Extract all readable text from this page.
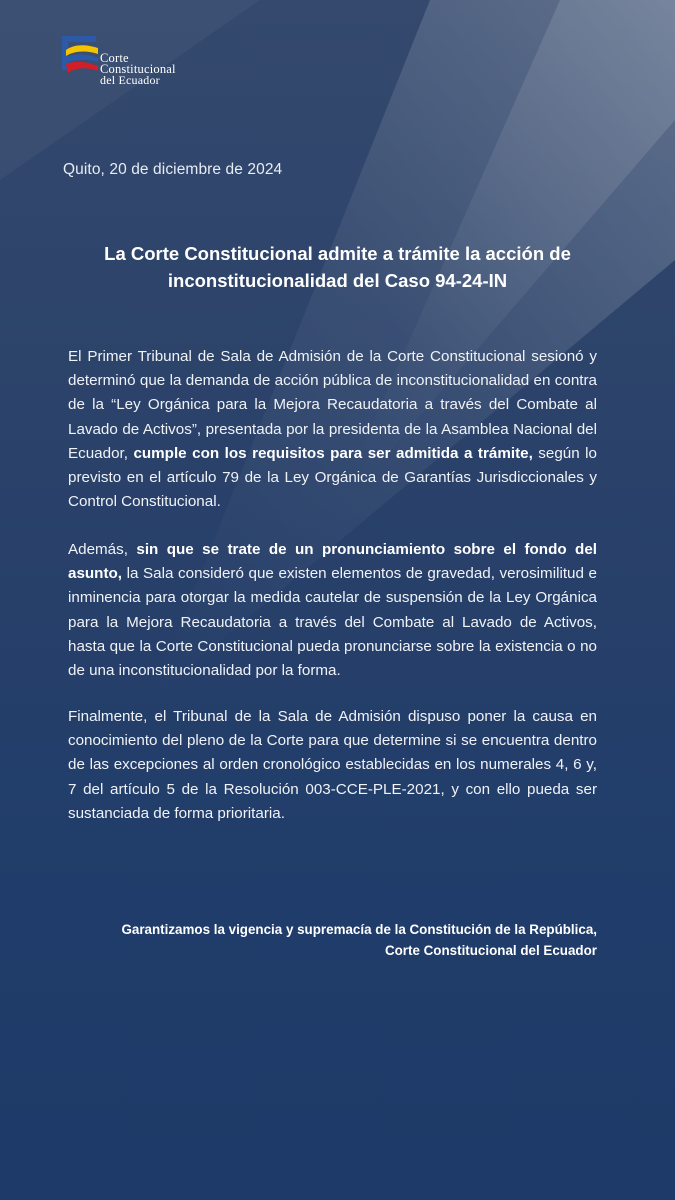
Corte
Constitucional
del Ecuador
Quito, 20 de diciembre de 2024
La Corte Constitucional admite a trámite la acción de inconstitucionalidad del Caso 94-24-IN
El Primer Tribunal de Sala de Admisión de la Corte Constitucional sesionó y determinó que la demanda de acción pública de inconstitucionalidad en contra de la “Ley Orgánica para la Mejora Recaudatoria a través del Combate al Lavado de Activos”, presentada por la presidenta de la Asamblea Nacional del Ecuador, cumple con los requisitos para ser admitida a trámite, según lo previsto en el artículo 79 de la Ley Orgánica de Garantías Jurisdiccionales y Control Constitucional.
Además, sin que se trate de un pronunciamiento sobre el fondo del asunto, la Sala consideró que existen elementos de gravedad, verosimilitud e inminencia para otorgar la medida cautelar de suspensión de la Ley Orgánica para la Mejora Recaudatoria a través del Combate al Lavado de Activos, hasta que la Corte Constitucional pueda pronunciarse sobre la existencia o no de una inconstitucionalidad por la forma.
Finalmente, el Tribunal de la Sala de Admisión dispuso poner la causa en conocimiento del pleno de la Corte para que determine si se encuentra dentro de las excepciones al orden cronológico establecidas en los numerales 4, 6 y, 7 del artículo 5 de la Resolución 003-CCE-PLE-2021, y con ello pueda ser sustanciada de forma prioritaria.
Garantizamos la vigencia y supremacía de la Constitución de la República,
Corte Constitucional del Ecuador
